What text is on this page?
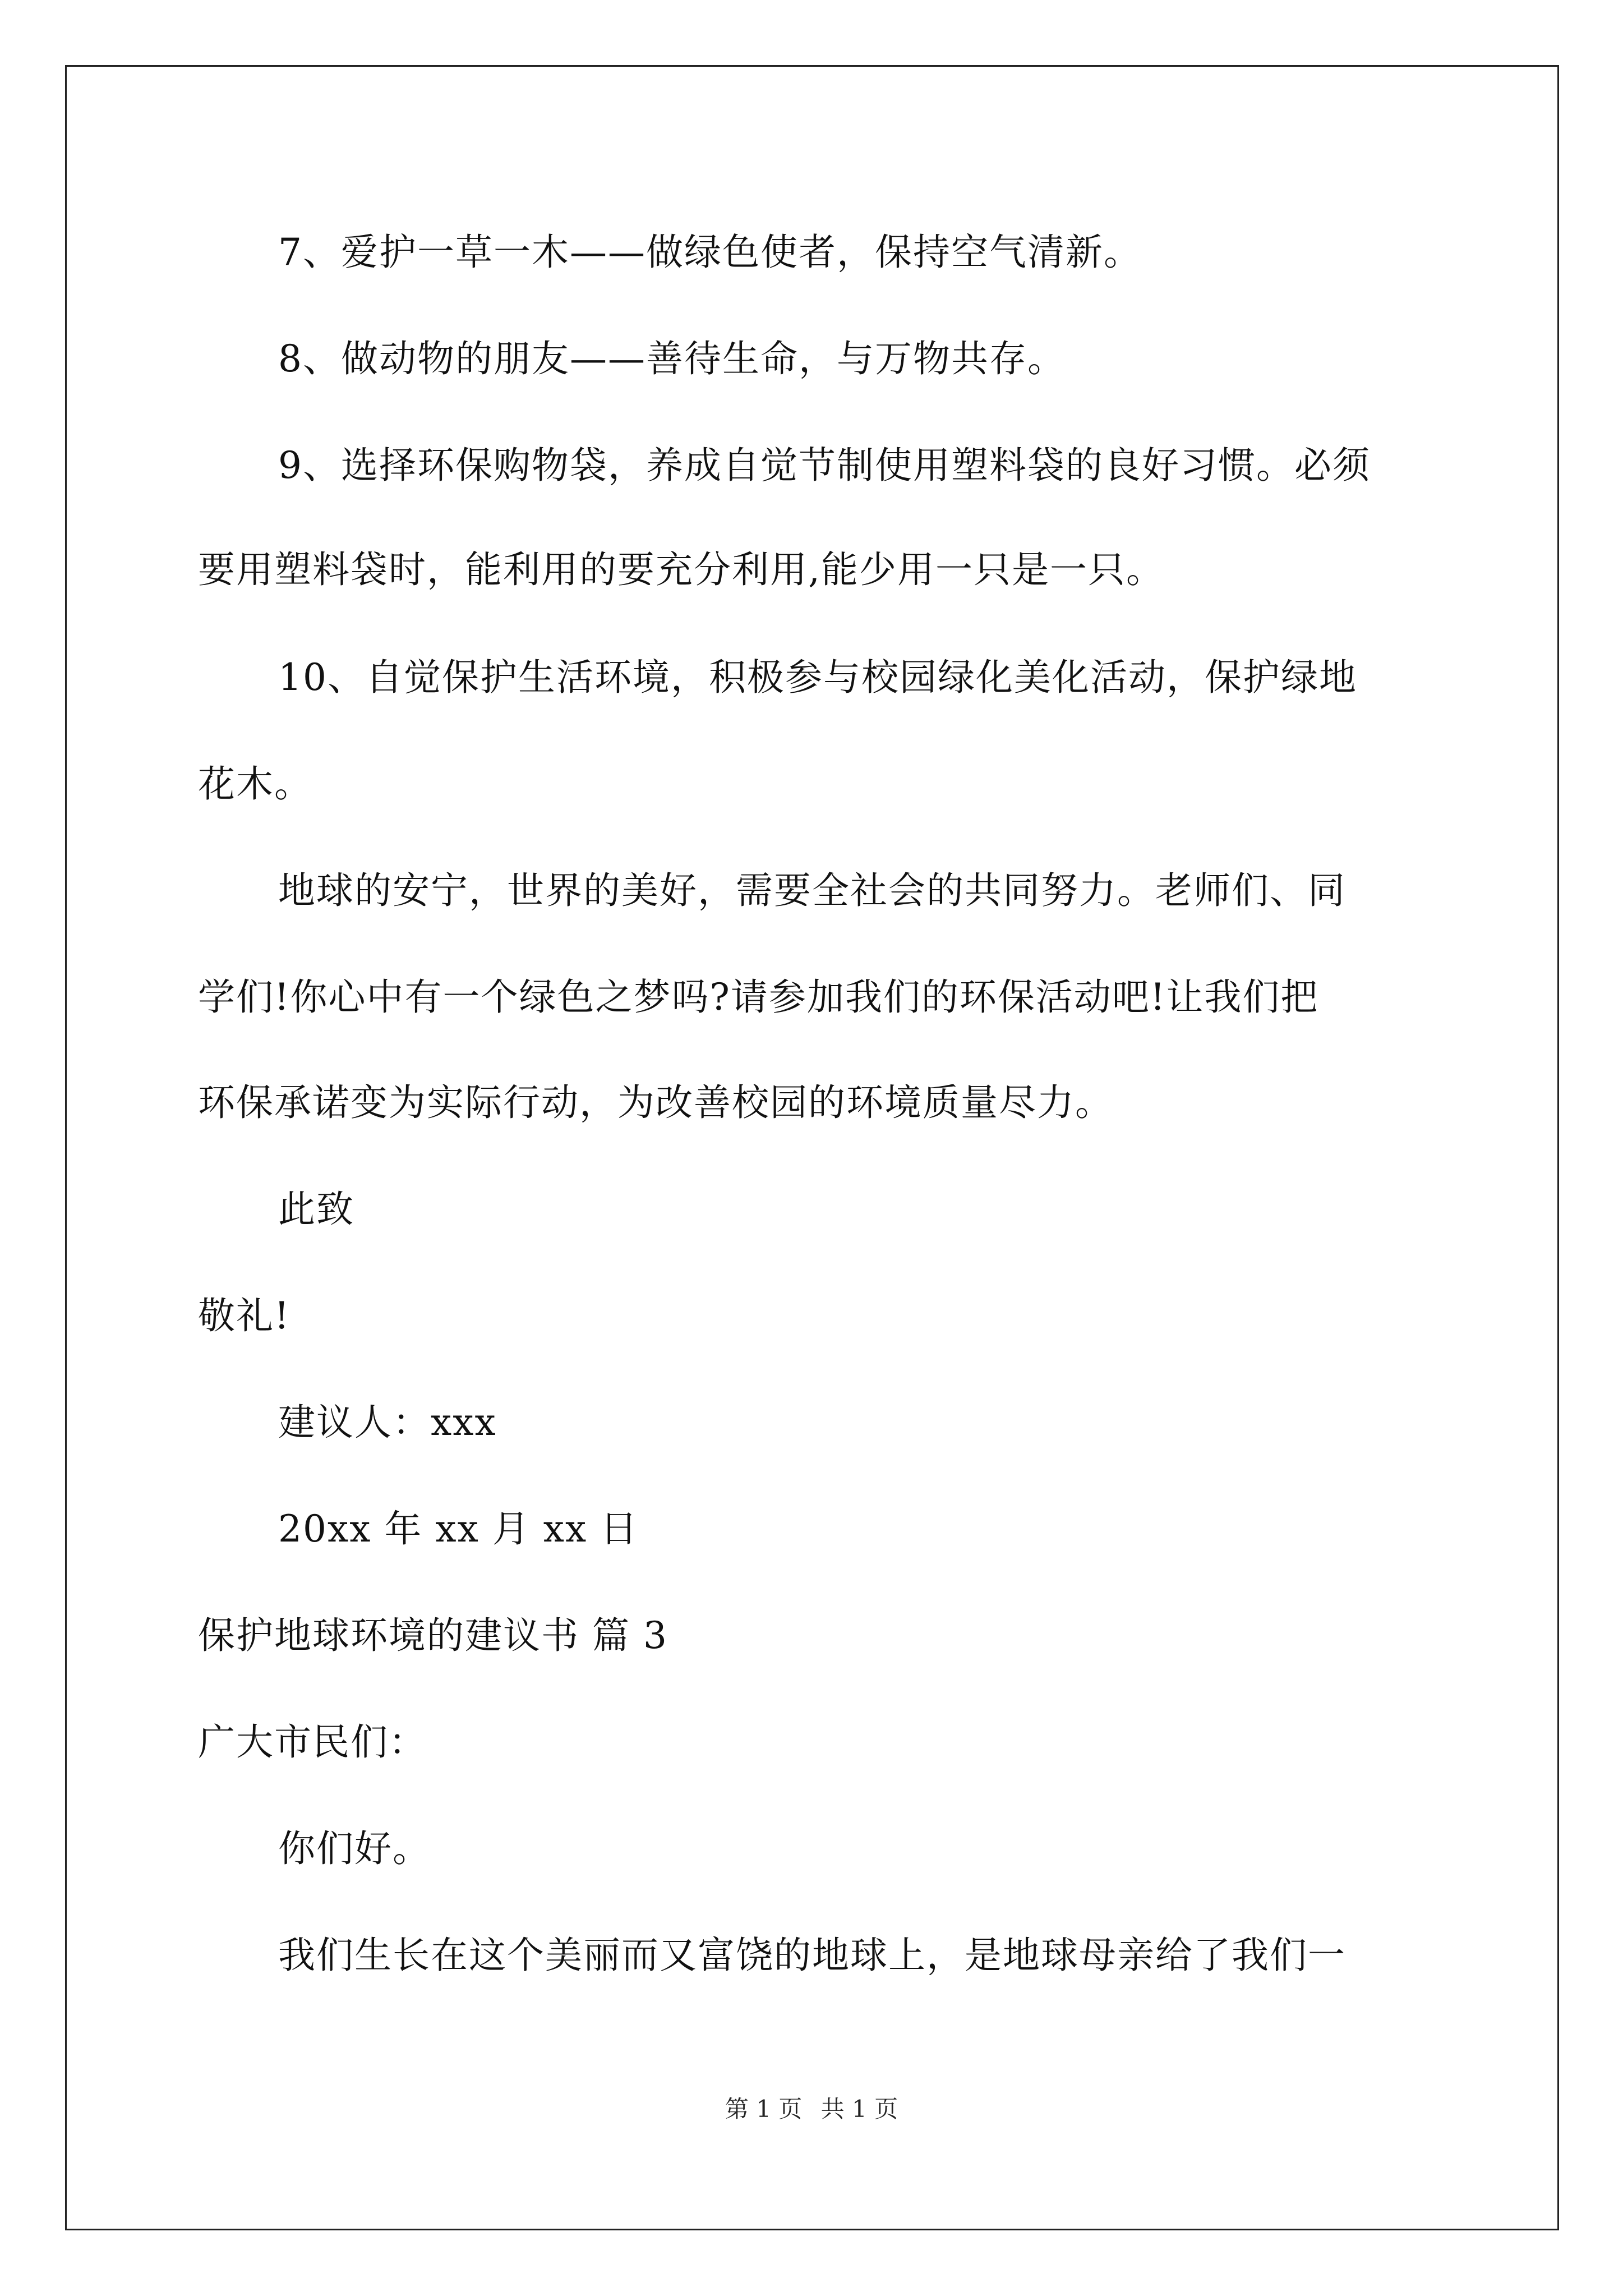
7、爱护一草一木——做绿色使者，保持空气清新。
8、做动物的朋友——善待生命，与万物共存。
9、选择环保购物袋，养成自觉节制使用塑料袋的良好习惯。必须
要用塑料袋时，能利用的要充分利用,能少用一只是一只。
10、自觉保护生活环境，积极参与校园绿化美化活动，保护绿地
花木。
地球的安宁，世界的美好，需要全社会的共同努力。老师们、同
学们!你心中有一个绿色之梦吗?请参加我们的环保活动吧!让我们把
环保承诺变为实际行动，为改善校园的环境质量尽力。
此致
敬礼!
建议人：xxx
20xx 年 xx 月 xx 日
保护地球环境的建议书 篇 3
广大市民们：
你们好。
我们生长在这个美丽而又富饶的地球上，是地球母亲给了我们一
第 1 页 共 1 页
